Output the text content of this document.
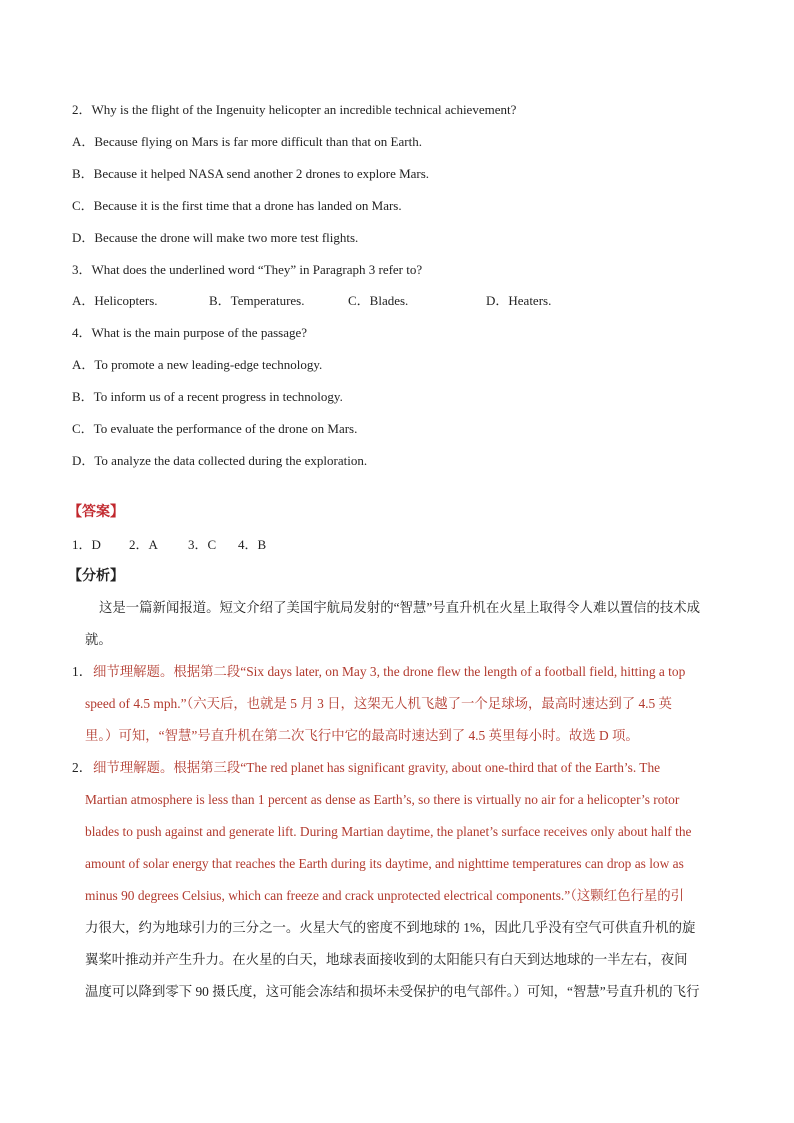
2．Why is the flight of the Ingenuity helicopter an incredible technical achievement?
A．Because flying on Mars is far more difficult than that on Earth.
B．Because it helped NASA send another 2 drones to explore Mars.
C．Because it is the first time that a drone has landed on Mars.
D．Because the drone will make two more test flights.
3．What does the underlined word “They” in Paragraph 3 refer to?
A．Helicopters.	B．Temperatures.	C．Blades.	D．Heaters.
4．What is the main purpose of the passage?
A．To promote a new leading-edge technology.
B．To inform us of a recent progress in technology.
C．To evaluate the performance of the drone on Mars.
D．To analyze the data collected during the exploration.
【答案】
1．D 2．A 3．C 4．B
【分析】
这是一篇新闻报道。短文介绍了美国宇航局发射的“智慧”号直升机在火星上取得令人难以置信的技术成
就。
1． 细节理解题。根据第二段“Six days later, on May 3, the drone flew the length of a football field, hitting a top
speed of 4.5 mph.”（六天后，也就是 5 月 3 日，这架无人机飞越了一个足球场，最高时速达到了 4.5 英
里。）可知，“智慧”号直升机在第二次飞行中它的最高时速达到了 4.5 英里每小时。故选 D 项。
2． 细节理解题。根据第三段“The red planet has significant gravity, about one-third that of the Earth’s. The
Martian atmosphere is less than 1 percent as dense as Earth’s, so there is virtually no air for a helicopter’s rotor
blades to push against and generate lift. During Martian daytime, the planet’s surface receives only about half the
amount of solar energy that reaches the Earth during its daytime, and nighttime temperatures can drop as low as
minus 90 degrees Celsius, which can freeze and crack unprotected electrical components.”（这颗红色行星的引
力很大，约为地球引力的三分之一。火星大气的密度不到地球的 1%，因此几乎没有空气可供直升机的旋
翼桨叶推动并产生升力。在火星的白天，地球表面接收到的太阳能只有白天到达地球的一半左右，夜间
温度可以降到零下 90 摄氏度，这可能会冻结和损坏未受保护的电气部件。）可知，“智慧”号直升机的飞行
